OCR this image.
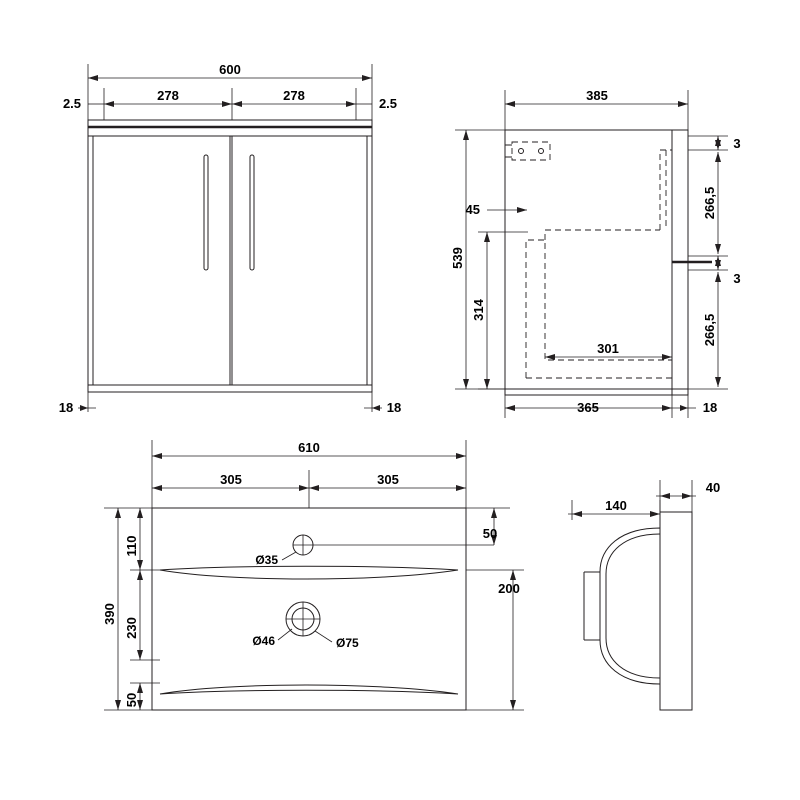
600
278	278
2.5	2.5
18	18
385
3
266,5
3
266,5
539
314
45
301
365	18
610
305	305
Ø35
Ø46	Ø75
50
200
390
110
230
50
40
140
